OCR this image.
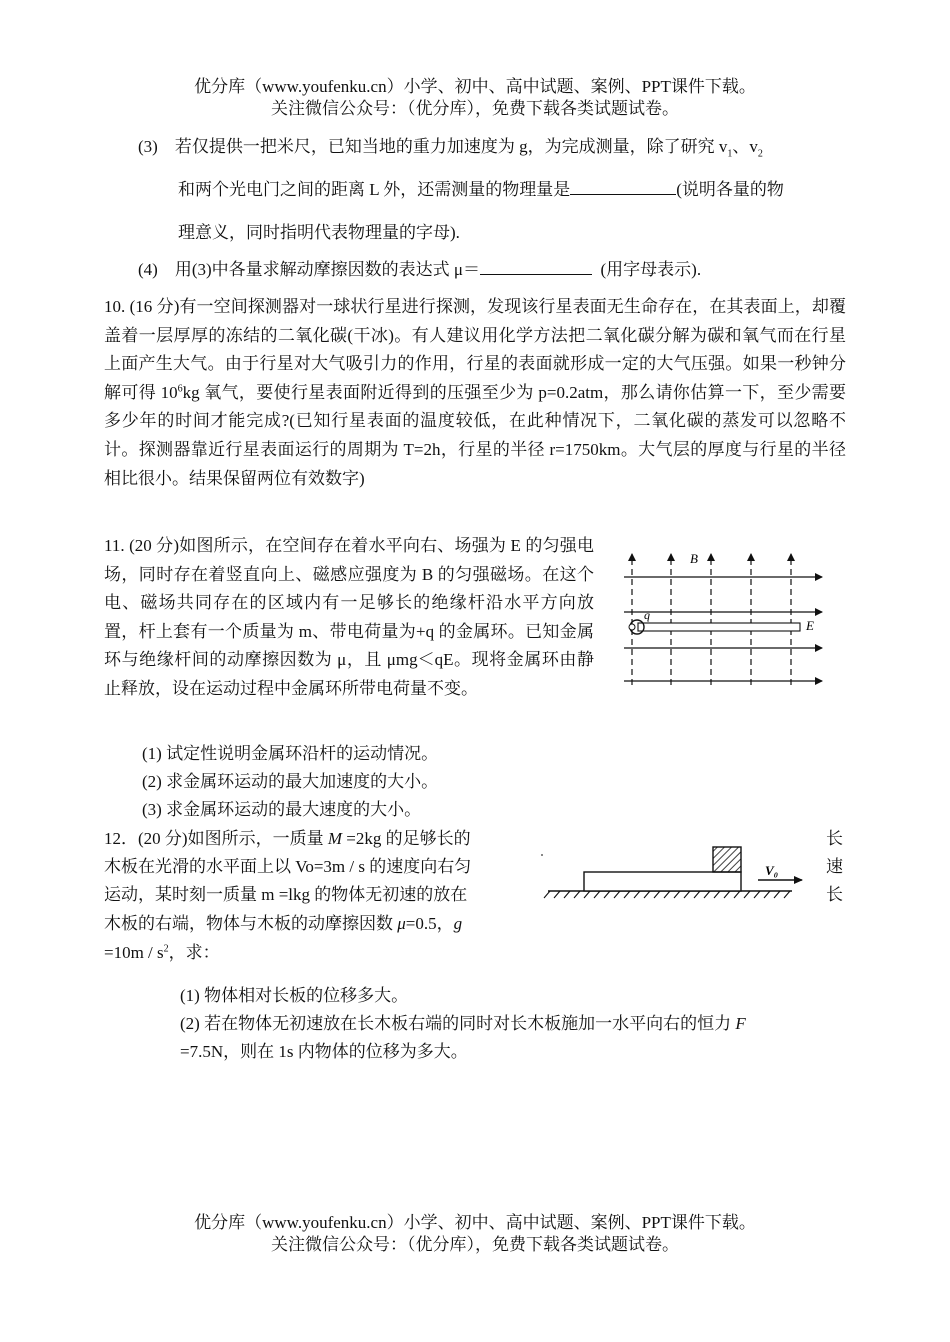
优分库（www.youfenku.cn）小学、初中、高中试题、案例、PPT课件下载。
关注微信公众号：（优分库），免费下载各类试题试卷。
(3)　若仅提供一把米尺，已知当地的重力加速度为 g，为完成测量，除了研究 $v_1$、$v_2$
和两个光电门之间的距离 L 外，还需测量的物理量是	(说明各量的物
理意义，同时指明代表物理量的字母).
(4)　用(3)中各量求解动摩擦因数的表达式 μ＝	(用字母表示).
10. (16 分)有一空间探测器对一球状行星进行探测，发现该行星表面无生命存在，在其表面上，却覆盖着一层厚厚的冻结的二氧化碳(干冰)。有人建议用化学方法把二氧化碳分解为碳和氧气而在行星上面产生大气。由于行星对大气吸引力的作用，行星的表面就形成一定的大气压强。如果一秒钟分解可得 $10^6kg$ 氧气，要使行星表面附近得到的压强至少为 p=0.2atm，那么请你估算一下，至少需要多少年的时间才能完成?(已知行星表面的温度较低，在此种情况下，二氧化碳的蒸发可以忽略不计。探测器靠近行星表面运行的周期为 T=2h，行星的半径 r=1750km。大气层的厚度与行星的半径相比很小。结果保留两位有效数字)
11. (20 分)如图所示，在空间存在着水平向右、场强为 E 的匀强电场，同时存在着竖直向上、磁感应强度为 B 的匀强磁场。在这个电、磁场共同存在的区域内有一足够长的绝缘杆沿水平方向放置，杆上套有一个质量为 m、带电荷量为+q 的金属环。已知金属环与绝缘杆间的动摩擦因数为 μ，且 μmg＜qE。现将金属环由静止释放，设在运动过程中金属环所带电荷量不变。
(1) 试定性说明金属环沿杆的运动情况。
(2) 求金属环运动的最大加速度的大小。
(3) 求金属环运动的最大速度的大小。
B
q
E
12．(20 分)如图所示，一质量 M =2kg 的足够长的
木板在光滑的水平面上以 Vo=3m / s 的速度向右匀
运动，某时刻一质量 m =lkg 的物体无初速的放在
木板的右端，物体与木板的动摩擦因数 μ=0.5，g
$=10m / s^2$，求：
长
速
长
V₀
(1) 物体相对长板的位移多大。
(2) 若在物体无初速放在长木板右端的同时对长木板施加一水平向右的恒力 F
=7.5N，则在 1s 内物体的位移为多大。
优分库（www.youfenku.cn）小学、初中、高中试题、案例、PPT课件下载。
关注微信公众号：（优分库），免费下载各类试题试卷。
